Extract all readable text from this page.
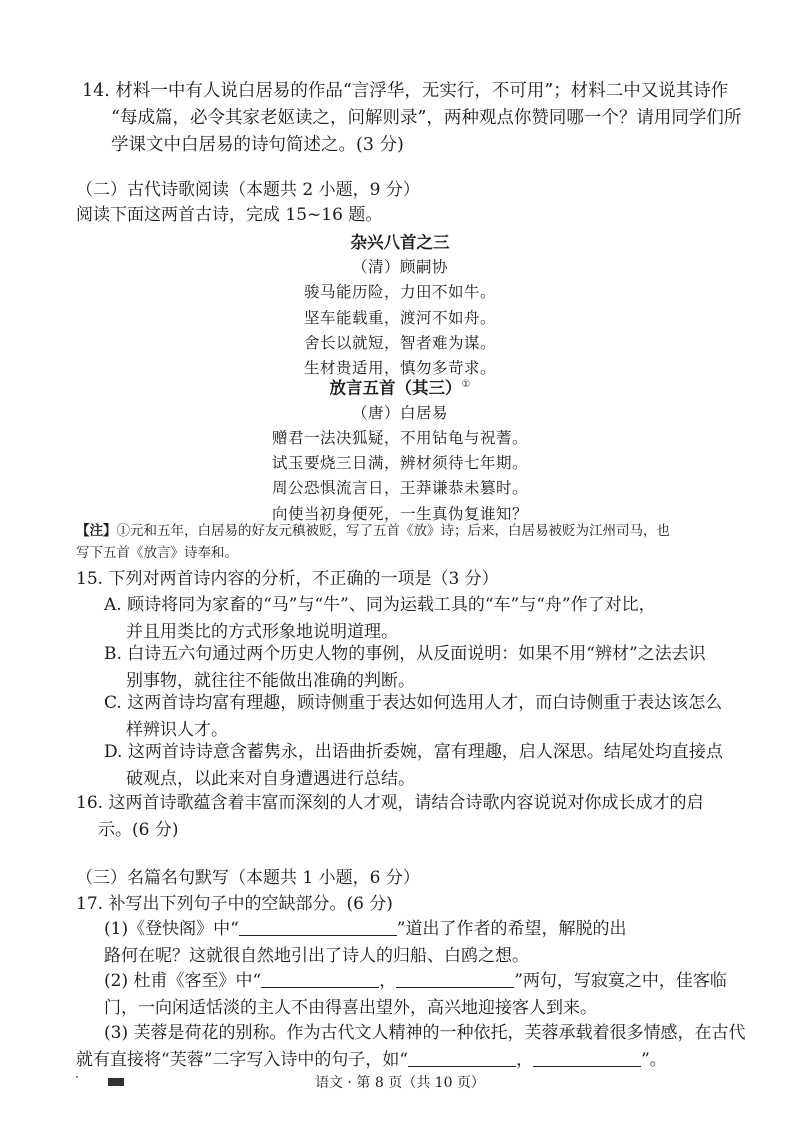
14. 材料一中有人说白居易的作品“言浮华，无实行，不可用”；材料二中又说其诗作
“每成篇，必令其家老妪读之，问解则录”，两种观点你赞同哪一个？请用同学们所
学课文中白居易的诗句简述之。(3 分)
（二）古代诗歌阅读（本题共 2 小题，9 分）
阅读下面这两首古诗，完成 15~16 题。
杂兴八首之三
（清）顾嗣协
骏马能历险，力田不如牛。
坚车能载重，渡河不如舟。
舍长以就短，智者难为谋。
生材贵适用，慎勿多苛求。
放言五首（其三）①
（唐）白居易
赠君一法决狐疑，不用钻龟与祝蓍。
试玉要烧三日满，辨材须待七年期。
周公恐惧流言日，王莽谦恭未篡时。
向使当初身便死，一生真伪复谁知？
【注】①元和五年，白居易的好友元稹被贬，写了五首《放》诗；后来，白居易被贬为江州司马，也
写下五首《放言》诗奉和。
15. 下列对两首诗内容的分析，不正确的一项是（3 分）
A. 顾诗将同为家畜的“马”与“牛”、同为运载工具的“车”与“舟”作了对比，
并且用类比的方式形象地说明道理。
B. 白诗五六句通过两个历史人物的事例，从反面说明：如果不用“辨材”之法去识
别事物，就往往不能做出准确的判断。
C. 这两首诗均富有理趣，顾诗侧重于表达如何选用人才，而白诗侧重于表达该怎么
样辨识人才。
D. 这两首诗诗意含蓄隽永，出语曲折委婉，富有理趣，启人深思。结尾处均直接点
破观点，以此来对自身遭遇进行总结。
16. 这两首诗歌蕴含着丰富而深刻的人才观，请结合诗歌内容说说对你成长成才的启
示。(6 分)
（三）名篇名句默写（本题共 1 小题，6 分）
17. 补写出下列句子中的空缺部分。(6 分)
(1)《登快阁》中“	”道出了作者的希望，解脱的出
路何在呢？这就很自然地引出了诗人的归船、白鸥之想。
(2) 杜甫《客至》中“	，	”两句，写寂寞之中，佳客临
门，一向闲适恬淡的主人不由得喜出望外，高兴地迎接客人到来。
(3) 芙蓉是荷花的别称。作为古代文人精神的一种依托，芙蓉承载着很多情感，在古代
就有直接将“芙蓉”二字写入诗中的句子，如“	，	”。
语文 · 第 8 页（共 10 页）
